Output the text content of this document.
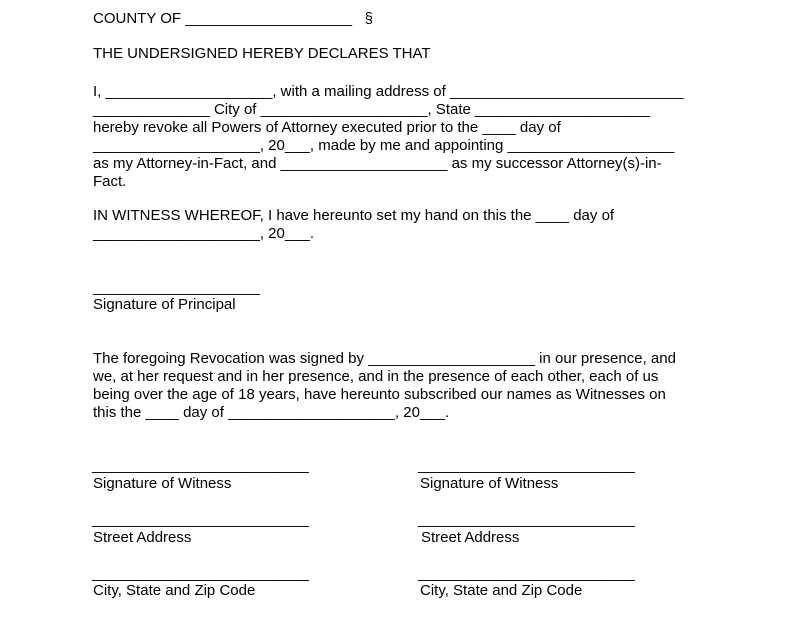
COUNTY OF ____________________   §
THE UNDERSIGNED HEREBY DECLARES THAT
I, ____________________, with a mailing address of ____________________________
______________ City of ____________________, State _____________________
hereby revoke all Powers of Attorney executed prior to the ____ day of
____________________, 20___, made by me and appointing ____________________
as my Attorney-in-Fact, and ____________________ as my successor Attorney(s)-in-
Fact.
IN WITNESS WHEREOF, I have hereunto set my hand on this the ____ day of
____________________, 20___.
____________________
Signature of Principal
The foregoing Revocation was signed by ____________________ in our presence, and
we, at her request and in her presence, and in the presence of each other, each of us
being over the age of 18 years, have hereunto subscribed our names as Witnesses on
this the ____ day of ____________________, 20___.
__________________________
Signature of Witness
__________________________
Street Address
__________________________
City, State and Zip Code
__________________________
Signature of Witness
__________________________
Street Address
__________________________
City, State and Zip Code
